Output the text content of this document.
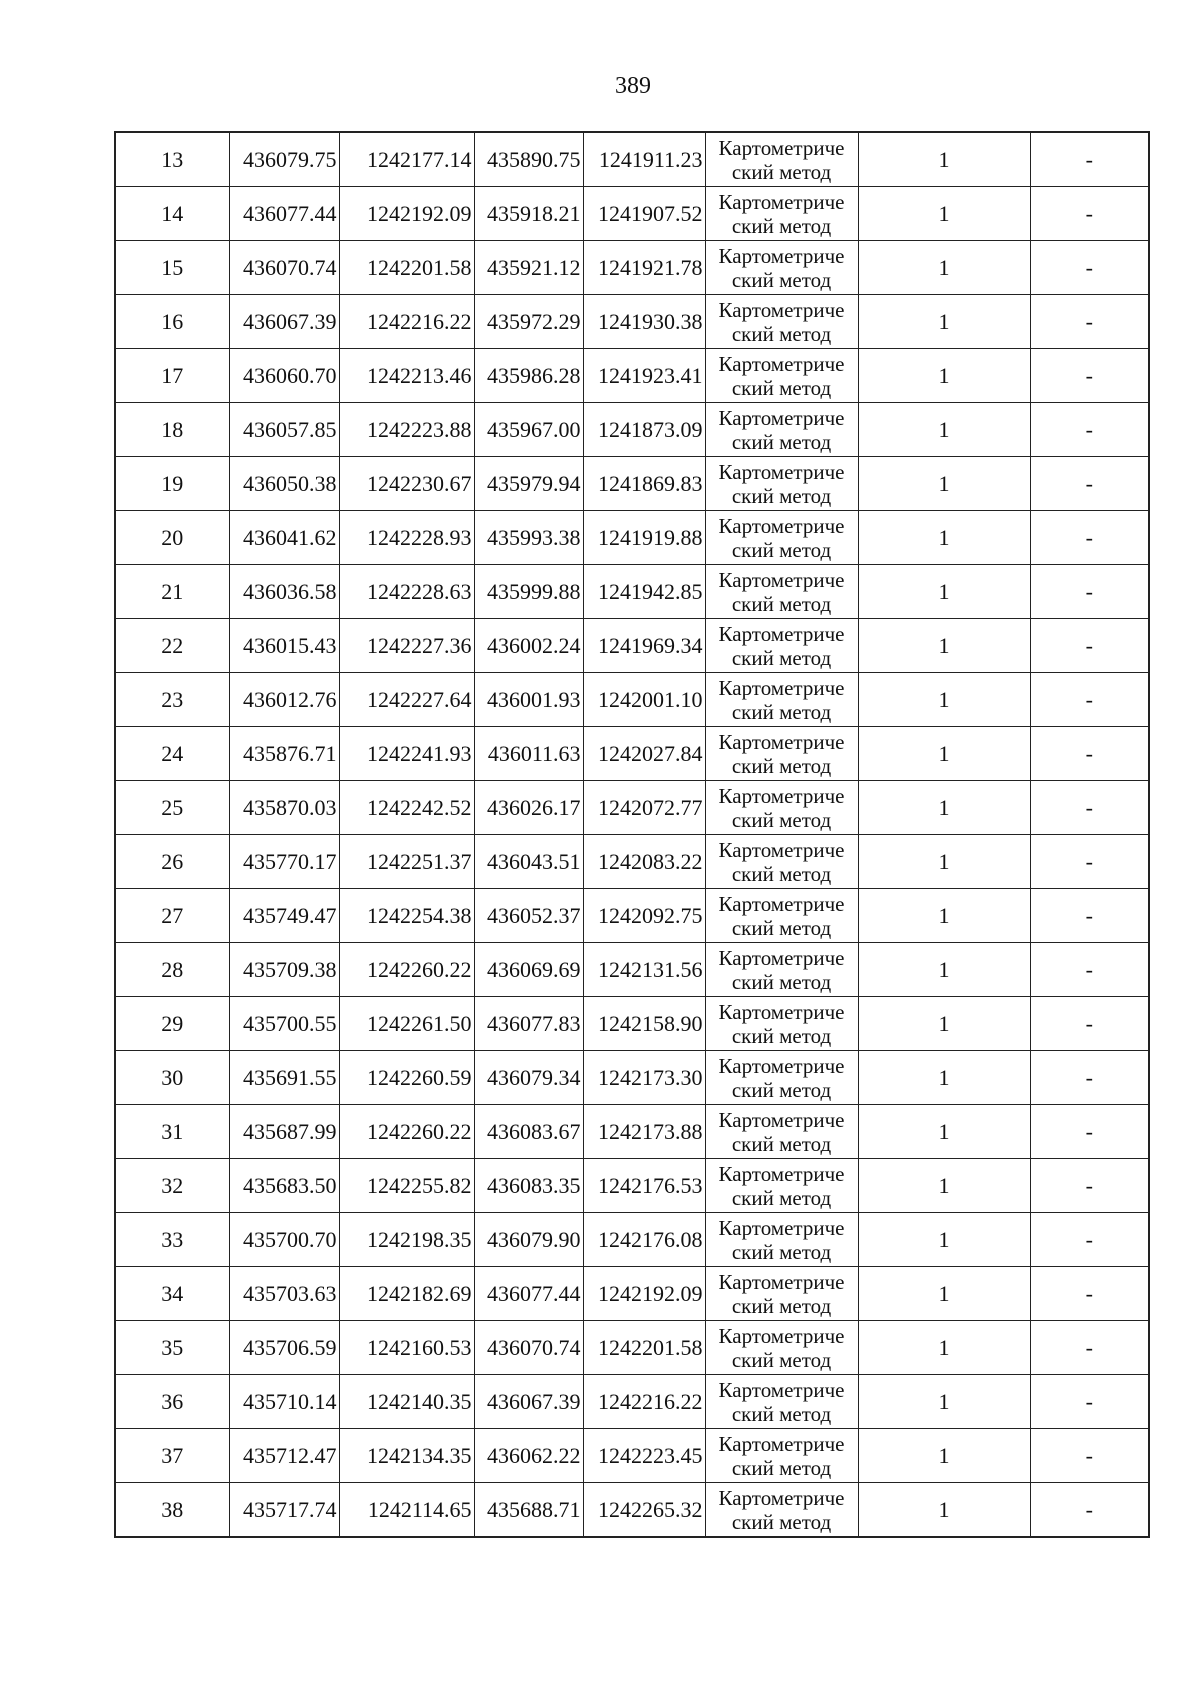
389
13	436079.75	1242177.14	435890.75	1241911.23	Картометриче
ский метод	1	-
14	436077.44	1242192.09	435918.21	1241907.52	Картометриче
ский метод	1	-
15	436070.74	1242201.58	435921.12	1241921.78	Картометриче
ский метод	1	-
16	436067.39	1242216.22	435972.29	1241930.38	Картометриче
ский метод	1	-
17	436060.70	1242213.46	435986.28	1241923.41	Картометриче
ский метод	1	-
18	436057.85	1242223.88	435967.00	1241873.09	Картометриче
ский метод	1	-
19	436050.38	1242230.67	435979.94	1241869.83	Картометриче
ский метод	1	-
20	436041.62	1242228.93	435993.38	1241919.88	Картометриче
ский метод	1	-
21	436036.58	1242228.63	435999.88	1241942.85	Картометриче
ский метод	1	-
22	436015.43	1242227.36	436002.24	1241969.34	Картометриче
ский метод	1	-
23	436012.76	1242227.64	436001.93	1242001.10	Картометриче
ский метод	1	-
24	435876.71	1242241.93	436011.63	1242027.84	Картометриче
ский метод	1	-
25	435870.03	1242242.52	436026.17	1242072.77	Картометриче
ский метод	1	-
26	435770.17	1242251.37	436043.51	1242083.22	Картометриче
ский метод	1	-
27	435749.47	1242254.38	436052.37	1242092.75	Картометриче
ский метод	1	-
28	435709.38	1242260.22	436069.69	1242131.56	Картометриче
ский метод	1	-
29	435700.55	1242261.50	436077.83	1242158.90	Картометриче
ский метод	1	-
30	435691.55	1242260.59	436079.34	1242173.30	Картометриче
ский метод	1	-
31	435687.99	1242260.22	436083.67	1242173.88	Картометриче
ский метод	1	-
32	435683.50	1242255.82	436083.35	1242176.53	Картометриче
ский метод	1	-
33	435700.70	1242198.35	436079.90	1242176.08	Картометриче
ский метод	1	-
34	435703.63	1242182.69	436077.44	1242192.09	Картометриче
ский метод	1	-
35	435706.59	1242160.53	436070.74	1242201.58	Картометриче
ский метод	1	-
36	435710.14	1242140.35	436067.39	1242216.22	Картометриче
ский метод	1	-
37	435712.47	1242134.35	436062.22	1242223.45	Картометриче
ский метод	1	-
38	435717.74	1242114.65	435688.71	1242265.32	Картометриче
ский метод	1	-
